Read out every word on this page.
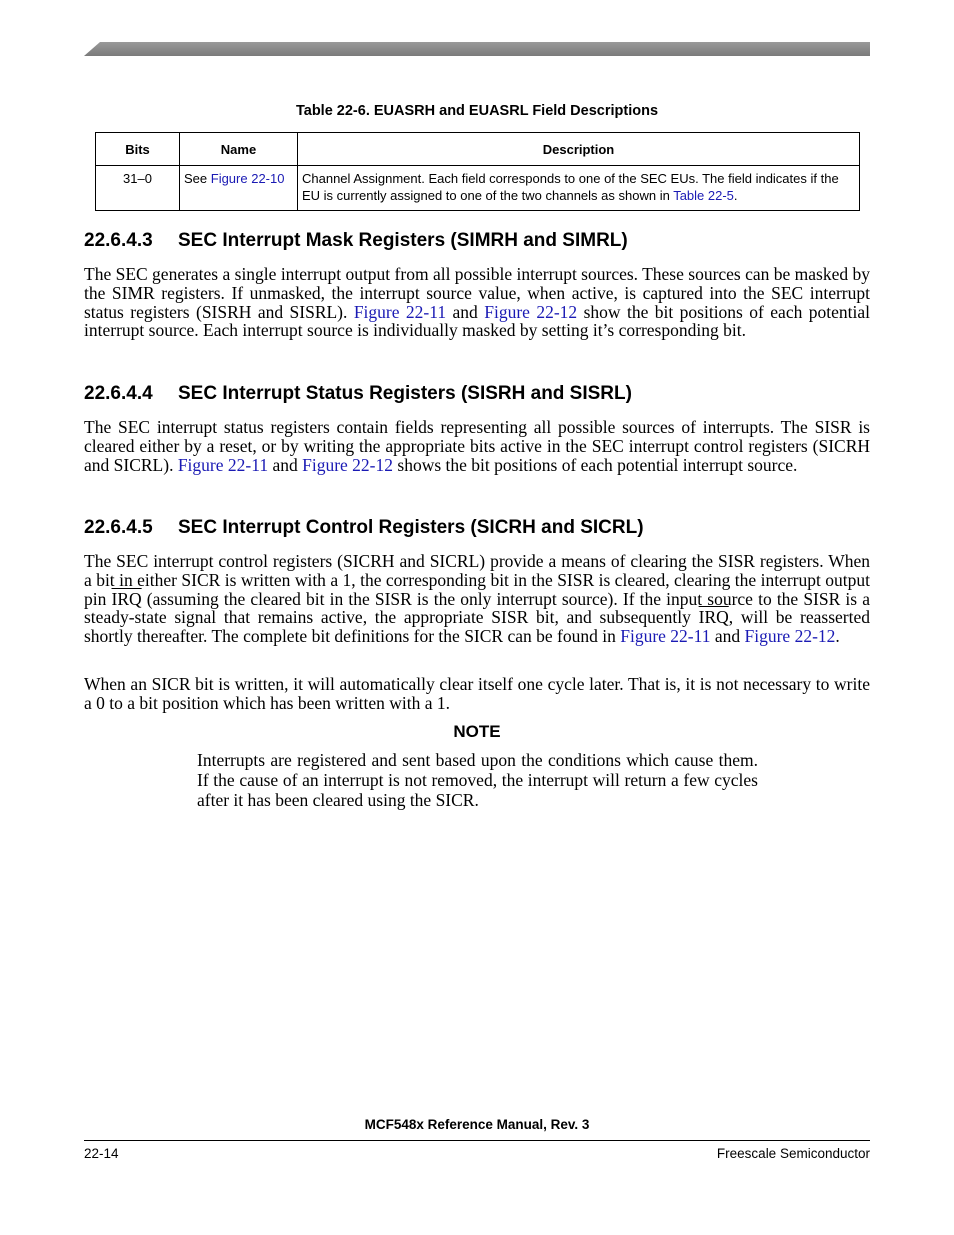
Table 22-6. EUASRH and EUASRL Field Descriptions
Bits	Name	Description
31–0	See Figure 22-10	Channel Assignment. Each field corresponds to one of the SEC EUs. The field indicates if the EU is currently assigned to one of the two channels as shown in Table 22-5.
22.6.4.3 SEC Interrupt Mask Registers (SIMRH and SIMRL)

The SEC generates a single interrupt output from all possible interrupt sources. These sources can be masked by the SIMR registers. If unmasked, the interrupt source value, when active, is captured into the SEC interrupt status registers (SISRH and SISRL). Figure 22-11 and Figure 22-12 show the bit positions of each potential interrupt source. Each interrupt source is individually masked by setting it’s corresponding bit.

22.6.4.4 SEC Interrupt Status Registers (SISRH and SISRL)

The SEC interrupt status registers contain fields representing all possible sources of interrupts. The SISR is cleared either by a reset, or by writing the appropriate bits active in the SEC interrupt control registers (SICRH and SICRL). Figure 22-11 and Figure 22-12 shows the bit positions of each potential interrupt source.

22.6.4.5 SEC Interrupt Control Registers (SICRH and SICRL)

The SEC interrupt control registers (SICRH and SICRL) provide a means of clearing the SISR registers. When a bit in either SICR is written with a 1, the corresponding bit in the SISR is cleared, clearing the interrupt output pin $\overline{IRQ}$ (assuming the cleared bit in the SISR is the only interrupt source). If the input source to the SISR is a steady-state signal that remains active, the appropriate SISR bit, and subsequently $\overline{IRQ}$, will be reasserted shortly thereafter. The complete bit definitions for the SICR can be found in Figure 22-11 and Figure 22-12.

When an SICR bit is written, it will automatically clear itself one cycle later. That is, it is not necessary to write a 0 to a bit position which has been written with a 1.

NOTE

Interrupts are registered and sent based upon the conditions which cause them. If the cause of an interrupt is not removed, the interrupt will return a few cycles after it has been cleared using the SICR.

MCF548x Reference Manual, Rev. 3
22-14	Freescale Semiconductor
